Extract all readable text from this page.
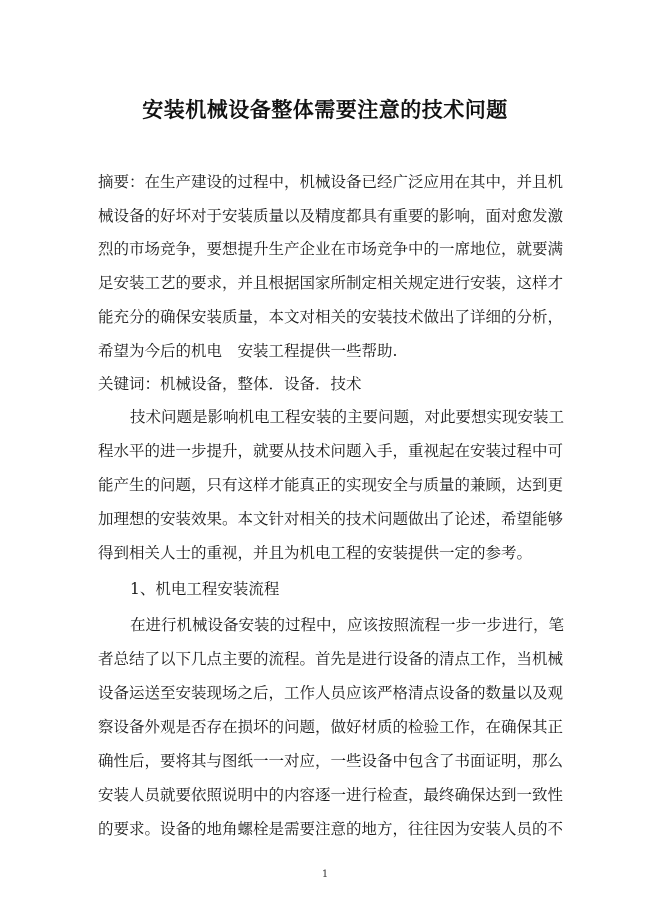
安装机械设备整体需要注意的技术问题

摘要：在生产建设的过程中，机械设备已经广泛应用在其中，并且机

械设备的好坏对于安装质量以及精度都具有重要的影响，面对愈发激

烈的市场竞争，要想提升生产企业在市场竞争中的一席地位，就要满

足安装工艺的要求，并且根据国家所制定相关规定进行安装，这样才

能充分的确保安装质量，本文对相关的安装技术做出了详细的分析，

希望为今后的机电　安装工程提供一些帮助.

关键词：机械设备，整体．设备．技术

技术问题是影响机电工程安装的主要问题，对此要想实现安装工

程水平的进一步提升，就要从技术问题入手，重视起在安装过程中可

能产生的问题，只有这样才能真正的实现安全与质量的兼顾，达到更

加理想的安装效果。本文针对相关的技术问题做出了论述，希望能够

得到相关人士的重视，并且为机电工程的安装提供一定的参考。

1、机电工程安装流程

在进行机械设备安装的过程中，应该按照流程一步一步进行，笔

者总结了以下几点主要的流程。首先是进行设备的清点工作，当机械

设备运送至安装现场之后，工作人员应该严格清点设备的数量以及观

察设备外观是否存在损坏的问题，做好材质的检验工作，在确保其正

确性后，要将其与图纸一一对应，一些设备中包含了书面证明，那么

安装人员就要依照说明中的内容逐一进行检查，最终确保达到一致性

的要求。设备的地角螺栓是需要注意的地方，往往因为安装人员的不

1
